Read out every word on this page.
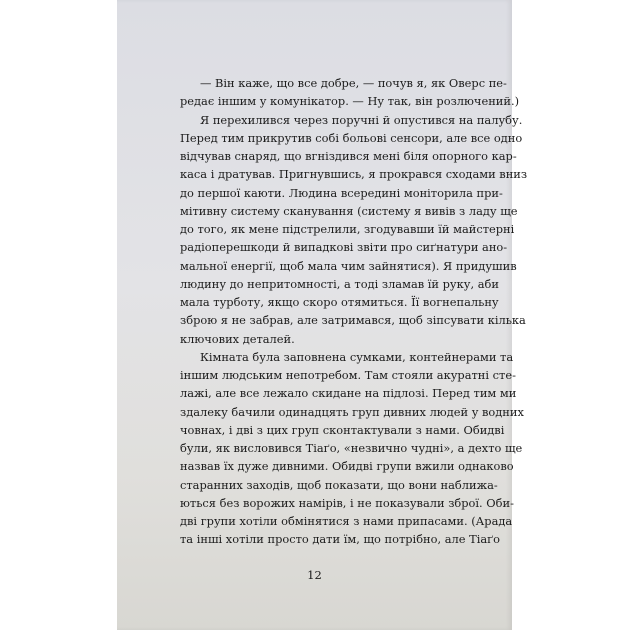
— Він каже, що все добре, — почув я, як Оверс пе-
редає іншим у комунікатор. — Ну так, він розлючений.)
Я перехилився через поручні й опустився на палубу.
Перед тим прикрутив собі больові сенсори, але все одно
відчував снаряд, що вгніздився мені біля опорного кар-
каса і дратував. Пригнувшись, я прокрався сходами вниз
до першої каюти. Людина всередині моніторила при-
мітивну систему сканування (систему я вивів з ладу ще
до того, як мене підстрелили, згодувавши їй майстерні
радіоперешкоди й випадкові звіти про сиґнатури ано-
мальної енергії, щоб мала чим зайнятися). Я придушив
людину до непритомності, а тоді зламав їй руку, аби
мала турботу, якщо скоро отямиться. Її вогнепальну
зброю я не забрав, але затримався, щоб зіпсувати кілька
ключових деталей.
Кімната була заповнена сумками, контейнерами та
іншим людським непотребом. Там стояли акуратні сте-
лажі, але все лежало скидане на підлозі. Перед тим ми
здалеку бачили одинадцять груп дивних людей у водних
човнах, і дві з цих груп сконтактували з нами. Обидві
були, як висловився Тіаґо, «незвично чудні», а дехто ще
назвав їх дуже дивними. Обидві групи вжили однаково
старанних заходів, щоб показати, що вони наближа-
ються без ворожих намірів, і не показували зброї. Оби-
дві групи хотіли обмінятися з нами припасами. (Арада
та інші хотіли просто дати їм, що потрібно, але Тіаґо
12
